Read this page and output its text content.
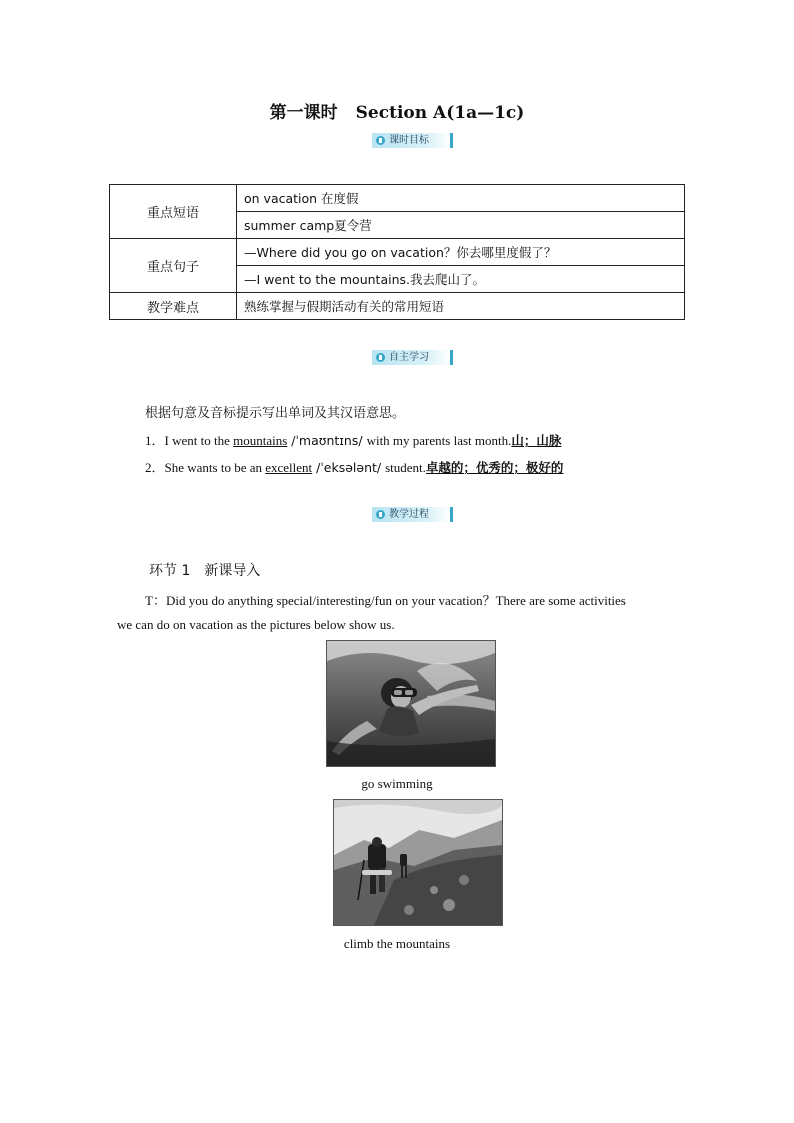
第一课时 Section A(1a—1c)
课时目标
重点短语	on vacation 在度假
	summer camp夏令营
重点句子	—Where did you go on vacation？你去哪里度假了？
	—I went to the mountains.我去爬山了。
教学难点	熟练掌握与假期活动有关的常用短语
自主学习
根据句意及音标提示写出单词及其汉语意思。
1．I went to the mountains /ˈmaʊntɪns/ with my parents last month.山；山脉
2．She wants to be an excellent /ˈeksələnt/ student.卓越的；优秀的；极好的
教学过程
环节 1 新课导入
T：Did you do anything special/interesting/fun on your vacation？There are some activities
we can do on vacation as the pictures below show us.
go swimming
climb the mountains
